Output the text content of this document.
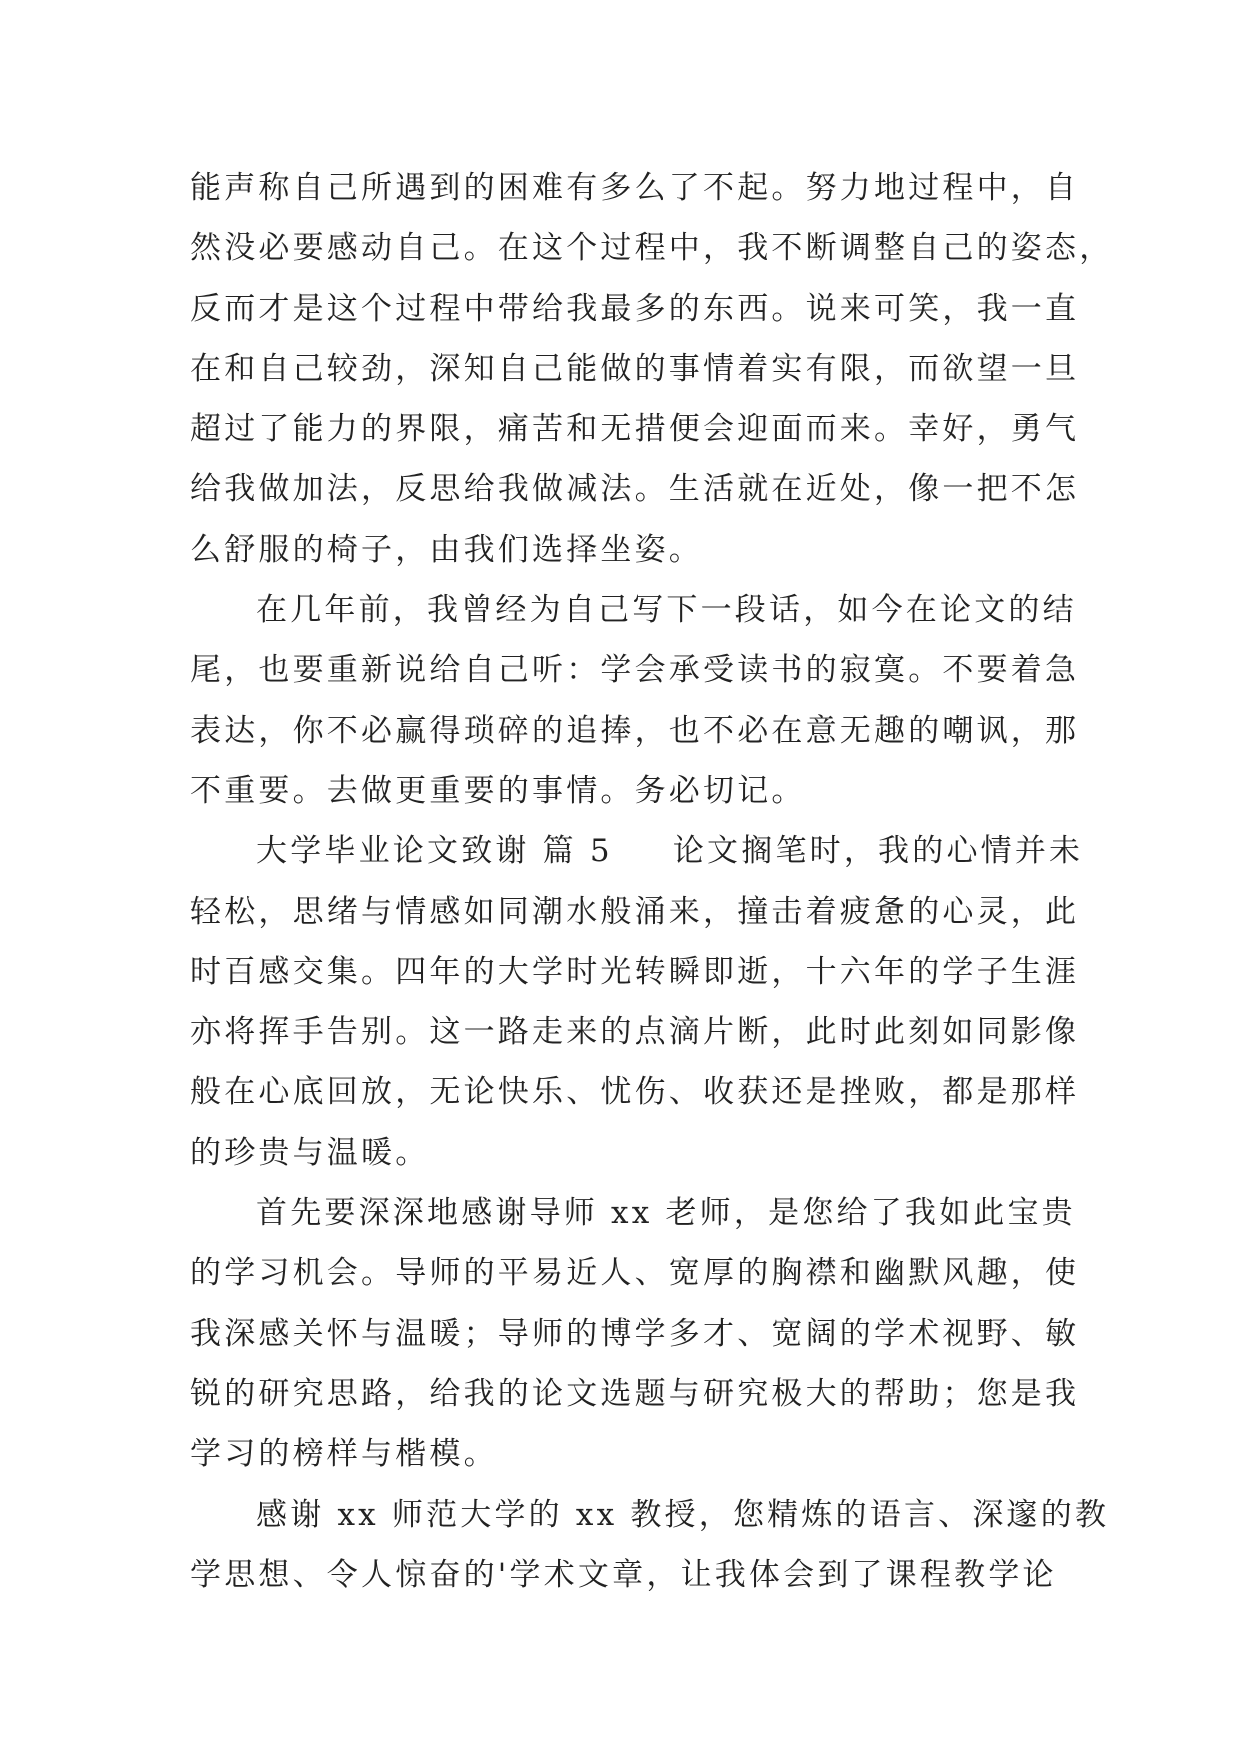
能声称自己所遇到的困难有多么了不起。努力地过程中，自
然没必要感动自己。在这个过程中，我不断调整自己的姿态，
反而才是这个过程中带给我最多的东西。说来可笑，我一直
在和自己较劲，深知自己能做的事情着实有限，而欲望一旦
超过了能力的界限，痛苦和无措便会迎面而来。幸好，勇气
给我做加法，反思给我做减法。生活就在近处，像一把不怎
么舒服的椅子，由我们选择坐姿。
在几年前，我曾经为自己写下一段话，如今在论文的结
尾，也要重新说给自己听：学会承受读书的寂寞。不要着急
表达，你不必赢得琐碎的追捧，也不必在意无趣的嘲讽，那
不重要。去做更重要的事情。务必切记。
大学毕业论文致谢 篇 5 论文搁笔时，我的心情并未
轻松，思绪与情感如同潮水般涌来，撞击着疲惫的心灵，此
时百感交集。四年的大学时光转瞬即逝，十六年的学子生涯
亦将挥手告别。这一路走来的点滴片断，此时此刻如同影像
般在心底回放，无论快乐、忧伤、收获还是挫败，都是那样
的珍贵与温暖。
首先要深深地感谢导师 xx 老师，是您给了我如此宝贵
的学习机会。导师的平易近人、宽厚的胸襟和幽默风趣，使
我深感关怀与温暖；导师的博学多才、宽阔的学术视野、敏
锐的研究思路，给我的论文选题与研究极大的帮助；您是我
学习的榜样与楷模。
感谢 xx 师范大学的 xx 教授，您精炼的语言、深邃的教
学思想、令人惊奋的'学术文章，让我体会到了课程教学论
